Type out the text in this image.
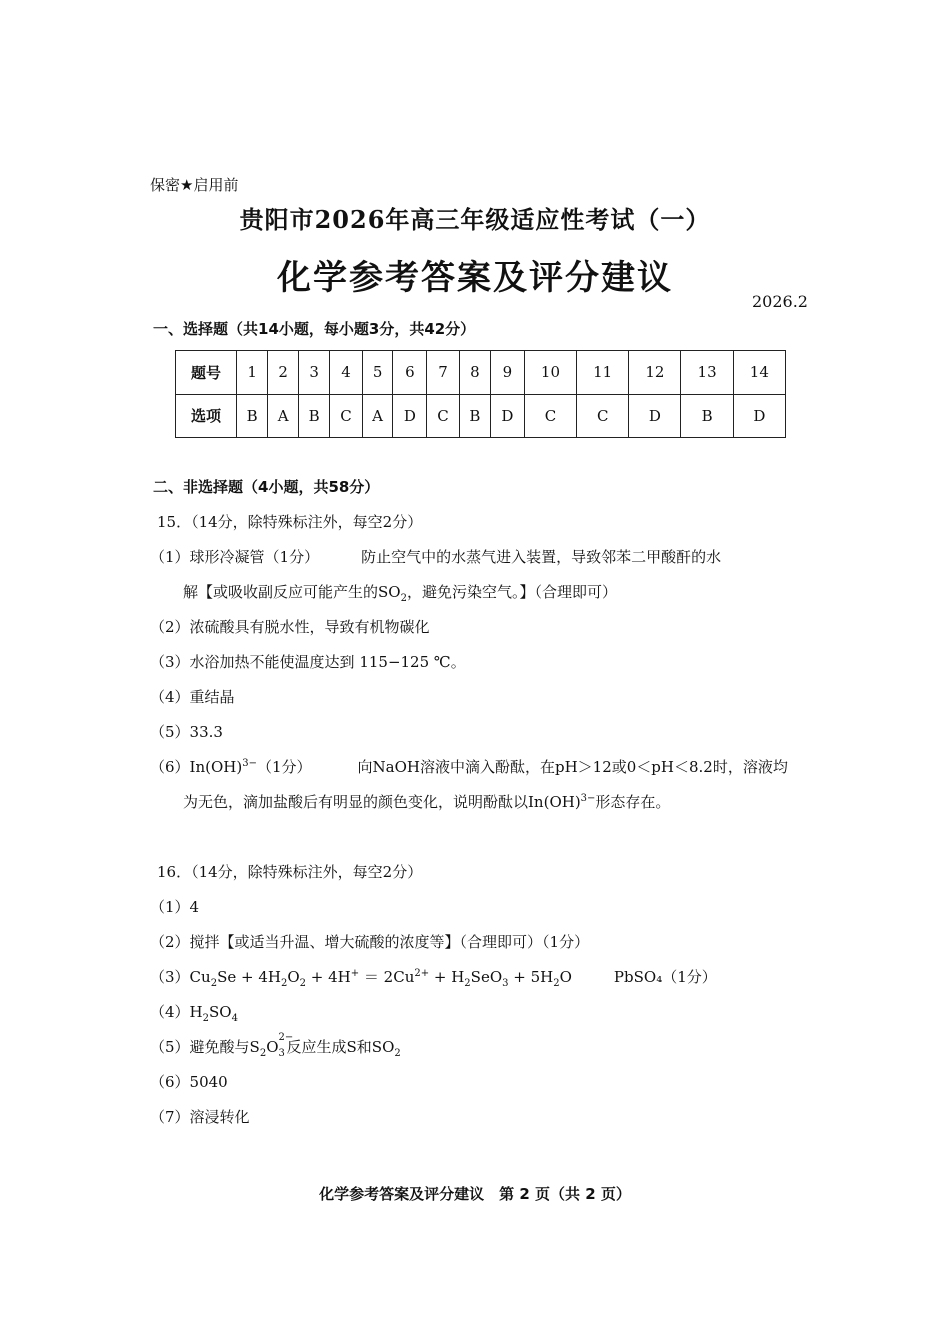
保密★启用前
贵阳市2026年高三年级适应性考试（一）
化学参考答案及评分建议
2026.2
一、选择题（共14小题，每小题3分，共42分）
题号	1	2	3	4	5	6	7	8	9	10	11	12	13	14
选项	B	A	B	C	A	D	C	B	D	C	C	D	B	D
二、非选择题（4小题，共58分）
15．（14分，除特殊标注外，每空2分）
（1）球形冷凝管（1分）	防止空气中的水蒸气进入装置，导致邻苯二甲酸酐的水
解【或吸收副反应可能产生的$SO_2$，避免污染空气。】（合理即可）
（2）浓硫酸具有脱水性，导致有机物碳化
（3）水浴加热不能使温度达到 115−125 ℃。
（4）重结晶
（5）33.3
（6）In(OH)$^{3-}$（1分）	向NaOH溶液中滴入酚酞，在pH＞12或0＜pH＜8.2时，溶液均
为无色，滴加盐酸后有明显的颜色变化，说明酚酞以In(OH)$^{3-}$形态存在。
16．（14分，除特殊标注外，每空2分）
（1）4
（2）搅拌【或适当升温、增大硫酸的浓度等】（合理即可）（1分）
$(3)Cu_2Se + 4H_2O_2 + 4H^+ = 2Cu^{2+} + H_2SeO_3 + 5H_2O$	PbSO₄（1分）
$(4)H_2SO_4$
（5）避免酸与$S_2O$
2−
3 反应生成S和$SO_2$
（6）5040
（7）溶浸转化
化学参考答案及评分建议　第 2 页（共 2 页）
